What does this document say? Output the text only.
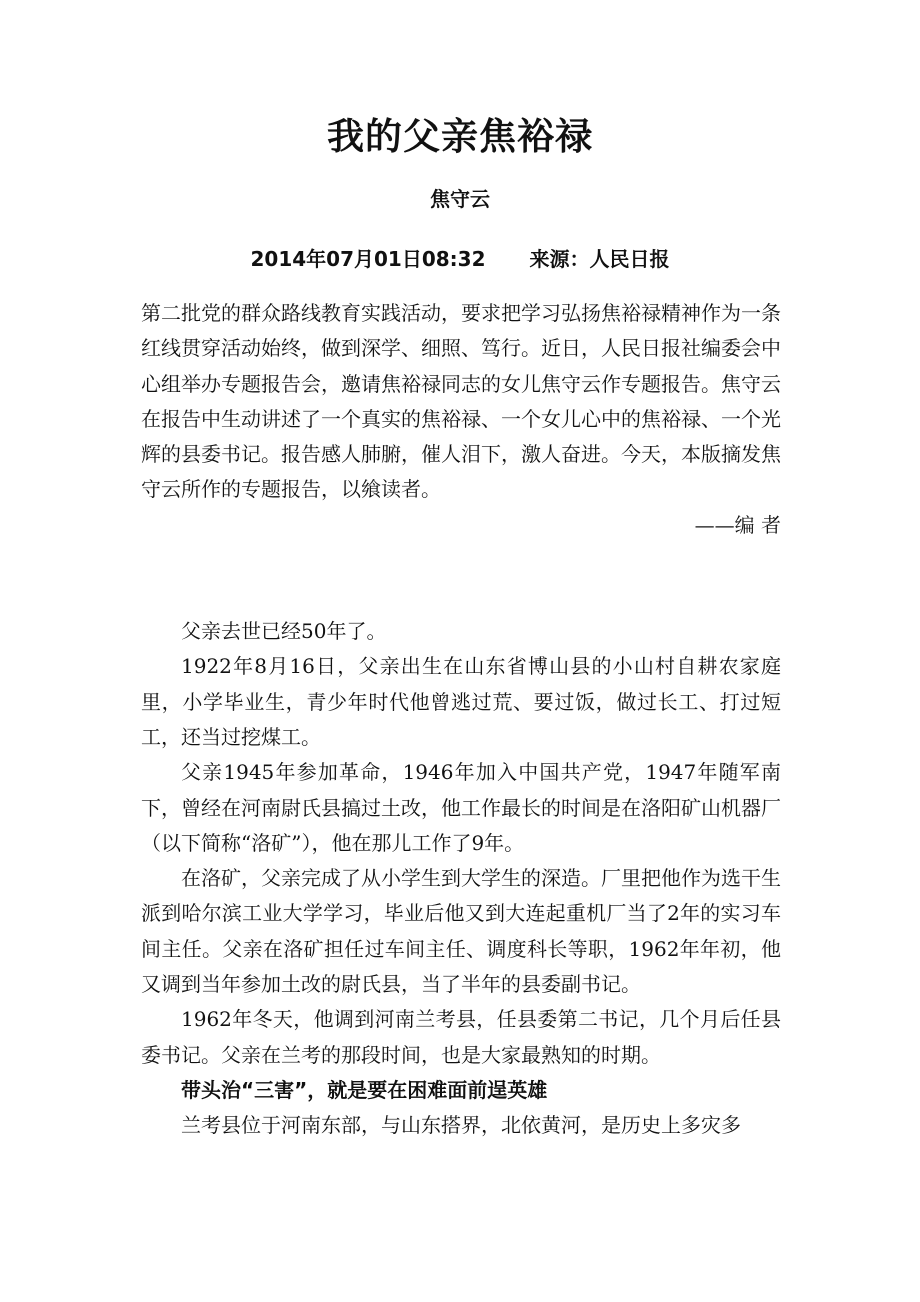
我的父亲焦裕禄
焦守云
2014年07月01日08:32 来源：人民日报

第二批党的群众路线教育实践活动，要求把学习弘扬焦裕禄精神作为一条红线贯穿活动始终，做到深学、细照、笃行。近日，人民日报社编委会中心组举办专题报告会，邀请焦裕禄同志的女儿焦守云作专题报告。焦守云在报告中生动讲述了一个真实的焦裕禄、一个女儿心中的焦裕禄、一个光辉的县委书记。报告感人肺腑，催人泪下，激人奋进。今天，本版摘发焦守云所作的专题报告，以飨读者。

——编 者

父亲去世已经50年了。

1922年8月16日，父亲出生在山东省博山县的小山村自耕农家庭里，小学毕业生，青少年时代他曾逃过荒、要过饭，做过长工、打过短工，还当过挖煤工。

父亲1945年参加革命，1946年加入中国共产党，1947年随军南下，曾经在河南尉氏县搞过土改，他工作最长的时间是在洛阳矿山机器厂（以下简称“洛矿”），他在那儿工作了9年。

在洛矿，父亲完成了从小学生到大学生的深造。厂里把他作为选干生派到哈尔滨工业大学学习，毕业后他又到大连起重机厂当了2年的实习车间主任。父亲在洛矿担任过车间主任、调度科长等职，1962年年初，他又调到当年参加土改的尉氏县，当了半年的县委副书记。

1962年冬天，他调到河南兰考县，任县委第二书记，几个月后任县委书记。父亲在兰考的那段时间，也是大家最熟知的时期。

带头治“三害”，就是要在困难面前逞英雄

兰考县位于河南东部，与山东搭界，北依黄河，是历史上多灾多
